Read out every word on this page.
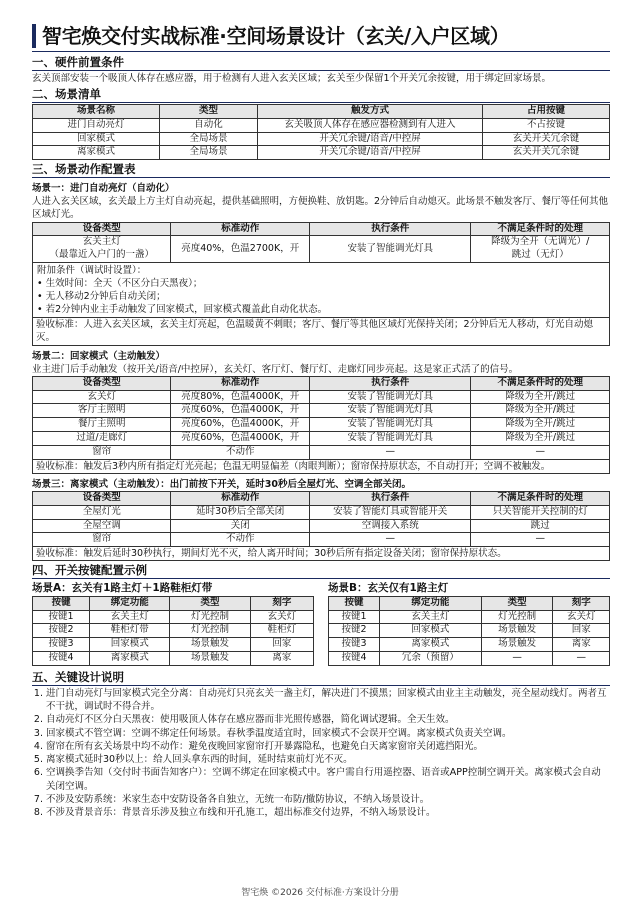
智宅焕交付实战标准·空间场景设计（玄关/入户区域）
一、硬件前置条件

玄关顶部安装一个吸顶人体存在感应器，用于检测有人进入玄关区域；玄关至少保留1个开关冗余按键，用于绑定回家场景。

二、场景清单
场景名称	类型	触发方式	占用按键
进门自动亮灯	自动化	玄关吸顶人体存在感应器检测到有人进入	不占按键
回家模式	全局场景	开关冗余键/语音/中控屏	玄关开关冗余键
离家模式	全局场景	开关冗余键/语音/中控屏	玄关开关冗余键
三、场景动作配置表
场景一：进门自动亮灯（自动化）

人进入玄关区域，玄关最上方主灯自动亮起，提供基础照明，方便换鞋、放钥匙。2分钟后自动熄灭。此场景不触发客厅、餐厅等任何其他区域灯光。

设备类型	标准动作	执行条件	不满足条件时的处理
玄关主灯
（最靠近入户门的一盏）	亮度40%，色温2700K，开	安装了智能调光灯具	降级为全开（无调光）/
跳过（无灯）
附加条件（调试时设置）：
• 生效时间：全天（不区分白天黑夜）；
• 无人移动2分钟后自动关闭；
• 若2分钟内业主手动触发了回家模式，回家模式覆盖此自动化状态。
验收标准：人进入玄关区域，玄关主灯亮起，色温暖黄不刺眼；客厅、餐厅等其他区域灯光保持关闭；2分钟后无人移动，灯光自动熄灭。
场景二：回家模式（主动触发）

业主进门后手动触发（按开关/语音/中控屏），玄关灯、客厅灯、餐厅灯、走廊灯同步亮起。这是家正式活了的信号。

设备类型	标准动作	执行条件	不满足条件时的处理
玄关灯	亮度80%，色温4000K，开	安装了智能调光灯具	降级为全开/跳过
客厅主照明	亮度60%，色温4000K，开	安装了智能调光灯具	降级为全开/跳过
餐厅主照明	亮度60%，色温4000K，开	安装了智能调光灯具	降级为全开/跳过
过道/走廊灯	亮度60%，色温4000K，开	安装了智能调光灯具	降级为全开/跳过
窗帘	不动作	—	—
验收标准：触发后3秒内所有指定灯光亮起；色温无明显偏差（肉眼判断）；窗帘保持原状态，不自动打开；空调不被触发。
场景三：离家模式（主动触发）：出门前按下开关，延时30秒后全屋灯光、空调全部关闭。
设备类型	标准动作	执行条件	不满足条件时的处理
全屋灯光	延时30秒后全部关闭	安装了智能灯具或智能开关	只关智能开关控制的灯
全屋空调	关闭	空调接入系统	跳过
窗帘	不动作	—	—
验收标准：触发后延时30秒执行，期间灯光不灭，给人离开时间；30秒后所有指定设备关闭；窗帘保持原状态。
四、开关按键配置示例
场景A：玄关有1路主灯＋1路鞋柜灯带
按键	绑定功能	类型	刻字
按键1	玄关主灯	灯光控制	玄关灯
按键2	鞋柜灯带	灯光控制	鞋柜灯
按键3	回家模式	场景触发	回家
按键4	离家模式	场景触发	离家
场景B：玄关仅有1路主灯
按键	绑定功能	类型	刻字
按键1	玄关主灯	灯光控制	玄关灯
按键2	回家模式	场景触发	回家
按键3	离家模式	场景触发	离家
按键4	冗余（预留）	—	—
五、关键设计说明
1. 进门自动亮灯与回家模式完全分离：自动亮灯只亮玄关一盏主灯，解决进门不摸黑；回家模式由业主主动触发，亮全屋动线灯。两者互不干扰，调试时不得合并。
2. 自动亮灯不区分白天黑夜：使用吸顶人体存在感应器而非光照传感器，简化调试逻辑。全天生效。
3. 回家模式不管空调：空调不绑定任何场景。春秋季温度适宜时，回家模式不会误开空调。离家模式负责关空调。
4. 窗帘在所有玄关场景中均不动作：避免夜晚回家窗帘打开暴露隐私，也避免白天离家窗帘关闭遮挡阳光。
5. 离家模式延时30秒以上：给人回头拿东西的时间，延时结束前灯光不灭。
6. 空调换季告知（交付时书面告知客户）：空调不绑定在回家模式中。客户需自行用遥控器、语音或APP控制空调开关。离家模式会自动关闭空调。
7. 不涉及安防系统：米家生态中安防设备各自独立，无统一布防/撤防协议，不纳入场景设计。
8. 不涉及背景音乐：背景音乐涉及独立布线和开孔施工，超出标准交付边界，不纳入场景设计。
智宅焕 ©2026 交付标准·方案设计分册
